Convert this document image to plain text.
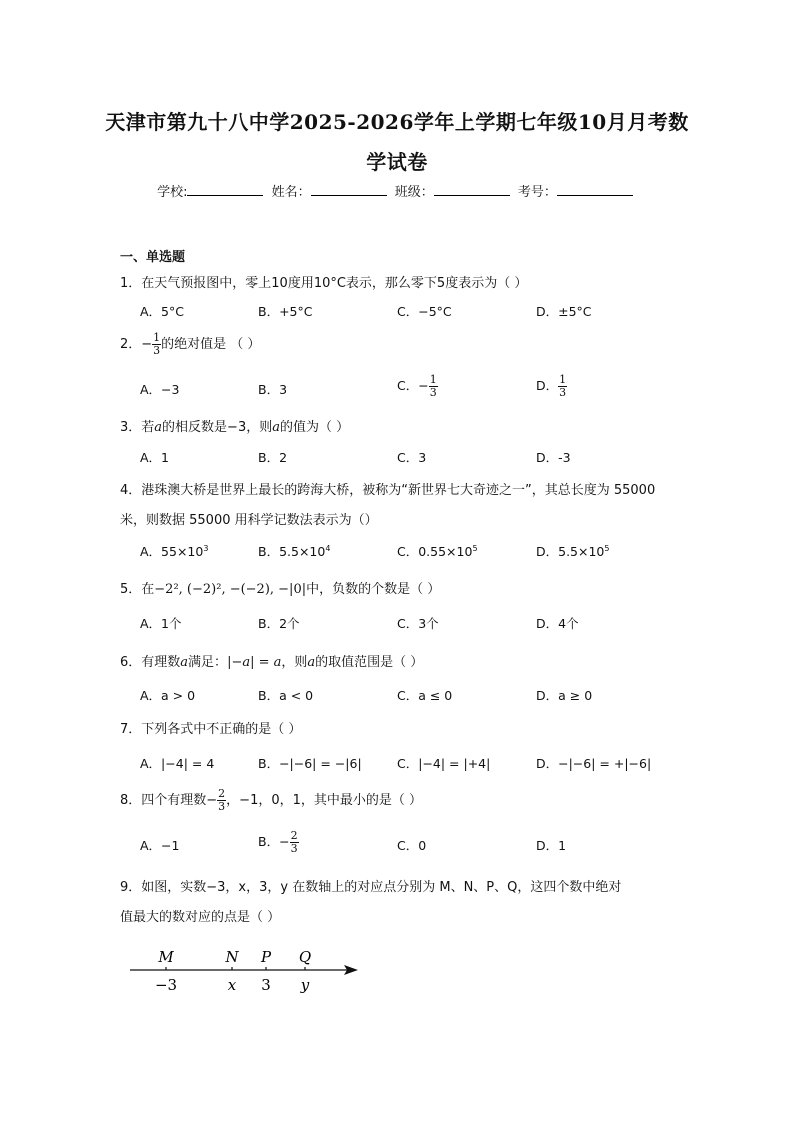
天津市第九十八中学2025-2026学年上学期七年级10月月考数
学试卷
学校:	姓名：	班级：	考号：
一、单选题
1．在天气预报图中，零上10度用10°C表示，那么零下5度表示为（ ）
A．5°C	B．+5°C	C．−5°C	D．±5°C
2．− $\frac{1}{3}$ 的绝对值是 （ ）
A．−3	B．3	C．− $\frac{1}{3}$	D． $\frac{1}{3}$
3．若a的相反数是−3，则a的值为（ ）
A．1	B．2	C．3	D．-3
4．港珠澳大桥是世界上最长的跨海大桥，被称为“新世界七大奇迹之一”，其总长度为 55000
米，则数据 55000 用科学记数法表示为（）
A．$55\times 10^3$	B．$5.5\times 10^4$	C．$0.55\times 10^5$	D．$5.5\times 10^5$
5．在−2², (−2)², −(−2), −|0|中，负数的个数是（ ）
A．1个	B．2个	C．3个	D．4个
6．有理数a满足：|−a| = a，则a的取值范围是（ ）
A．a > 0	B．a < 0	C．a ≤ 0	D．a ≥ 0
7．下列各式中不正确的是（ ）
A．|−4| = 4	B．−|−6| = −|6|	C．|−4| = |+4|	D．−|−6| = +|−6|
8．四个有理数− $\frac{2}{3}$ ，−1，0，1，其中最小的是（ ）
A．−1	B．− $\frac{2}{3}$	C．0	D．1
9．如图，实数−3，x，3，y 在数轴上的对应点分别为 M、N、P、Q，这四个数中绝对
值最大的数对应的点是（ ）
M
−3
N
x
P
3
Q
y
